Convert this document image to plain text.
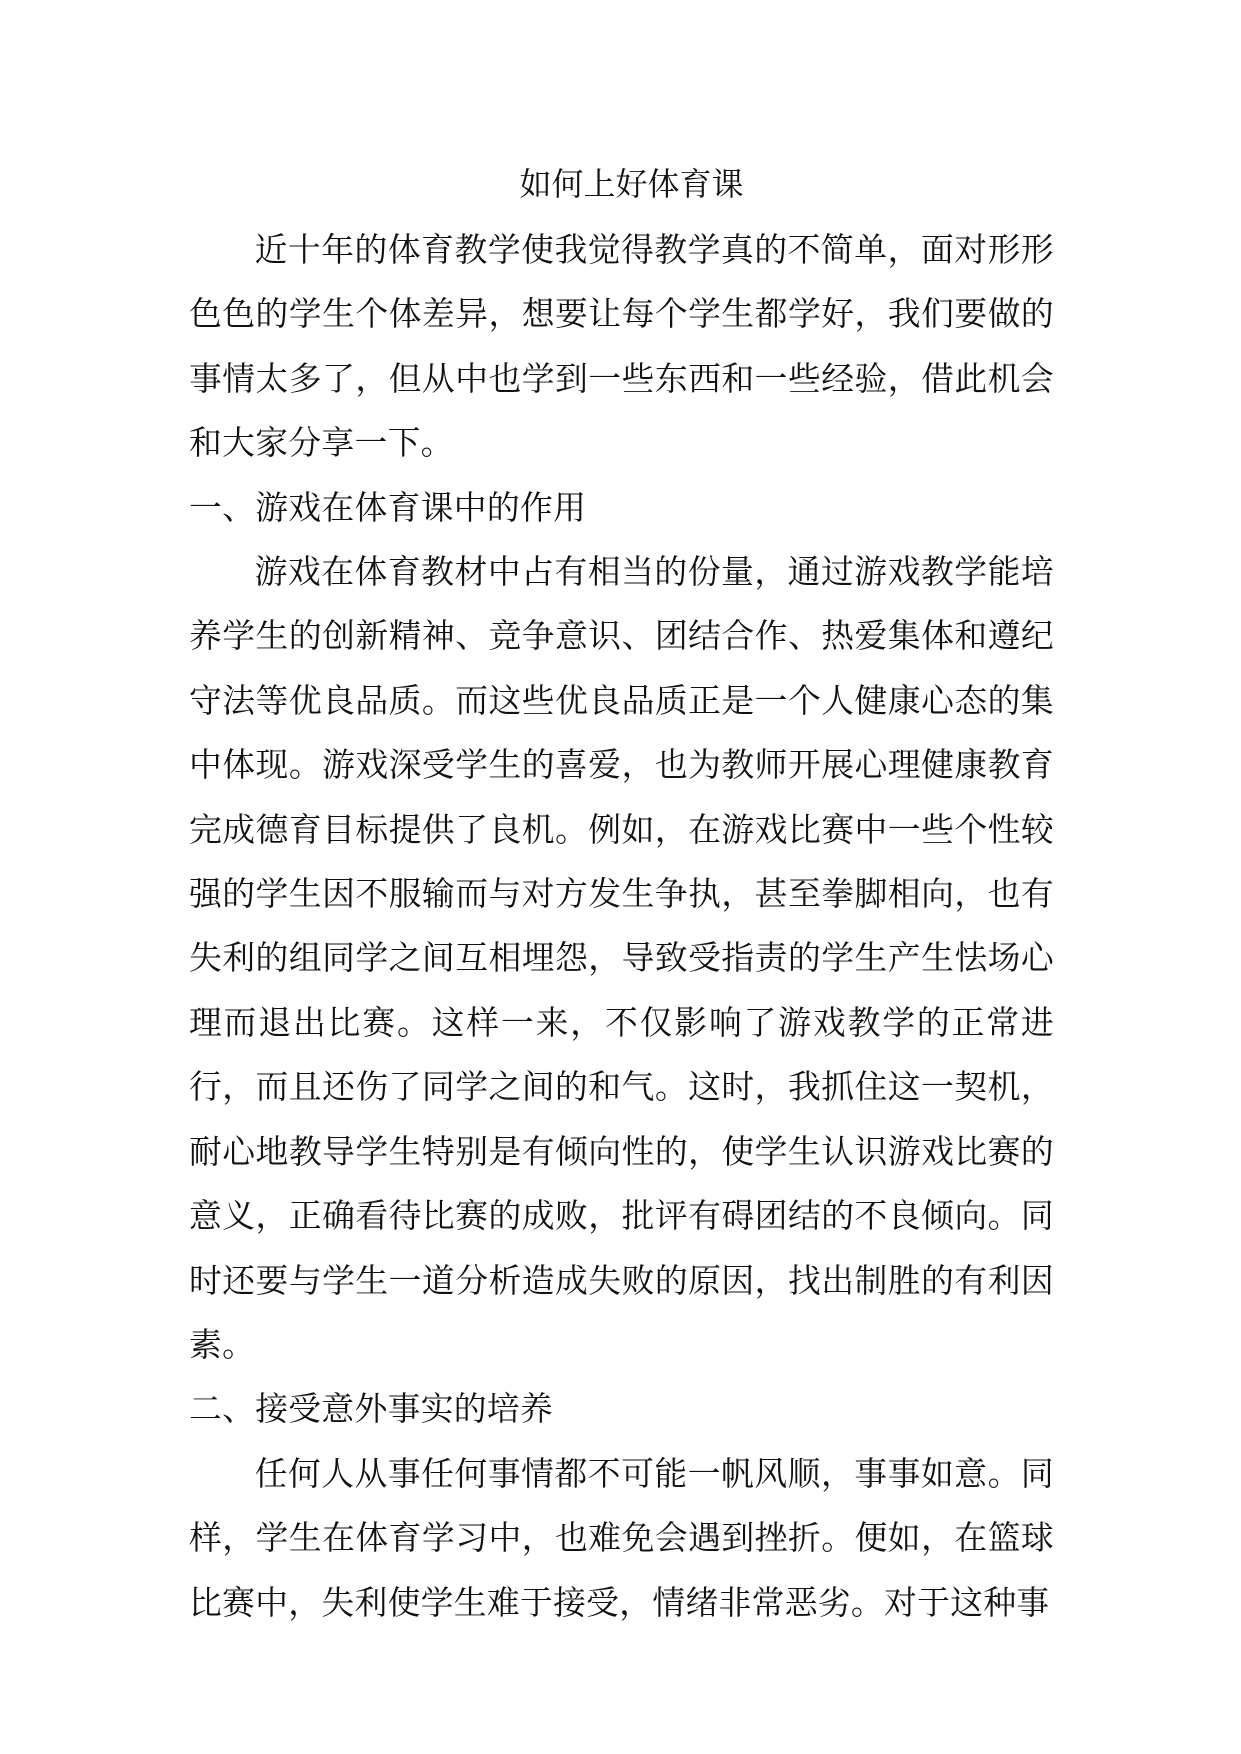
如何上好体育课

近十年的体育教学使我觉得教学真的不简单，面对形形色色的学生个体差异，想要让每个学生都学好，我们要做的事情太多了，但从中也学到一些东西和一些经验，借此机会和大家分享一下。

一、游戏在体育课中的作用

游戏在体育教材中占有相当的份量，通过游戏教学能培养学生的创新精神、竞争意识、团结合作、热爱集体和遵纪守法等优良品质。而这些优良品质正是一个人健康心态的集中体现。游戏深受学生的喜爱，也为教师开展心理健康教育完成德育目标提供了良机。例如，在游戏比赛中一些个性较强的学生因不服输而与对方发生争执，甚至拳脚相向，也有失利的组同学之间互相埋怨，导致受指责的学生产生怯场心理而退出比赛。这样一来，不仅影响了游戏教学的正常进行，而且还伤了同学之间的和气。这时，我抓住这一契机，耐心地教导学生特别是有倾向性的，使学生认识游戏比赛的意义，正确看待比赛的成败，批评有碍团结的不良倾向。同时还要与学生一道分析造成失败的原因，找出制胜的有利因素。

二、接受意外事实的培养

任何人从事任何事情都不可能一帆风顺，事事如意。同样，学生在体育学习中，也难免会遇到挫折。便如，在篮球比赛中，失利使学生难于接受，情绪非常恶劣。对于这种事
